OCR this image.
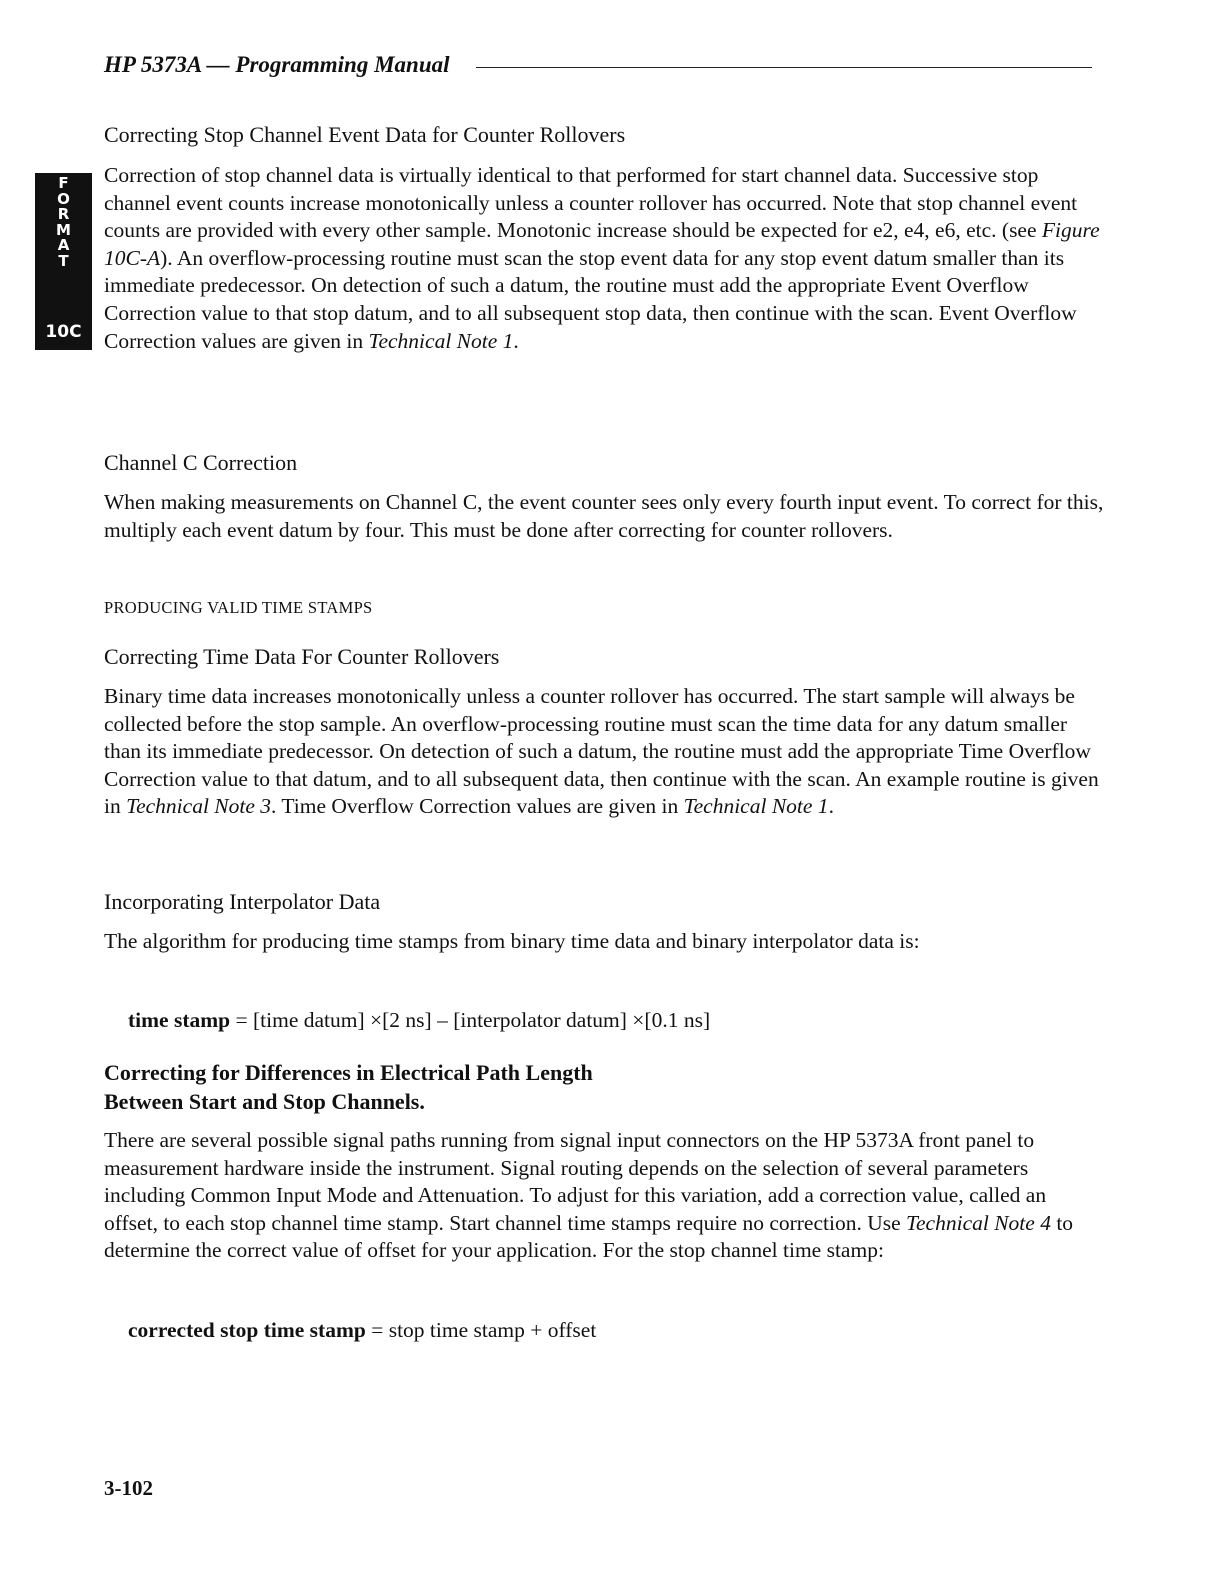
HP 5373A — Programming Manual
F
O
R
M
A
T
10C
Correcting Stop Channel Event Data for Counter Rollovers
Correction of stop channel data is virtually identical to that performed for start channel data. Successive stop channel event counts increase monotonically unless a counter rollover has occurred. Note that stop channel event counts are provided with every other sample. Monotonic increase should be expected for e2, e4, e6, etc. (see Figure 10C-A). An overflow-processing routine must scan the stop event data for any stop event datum smaller than its immediate predecessor. On detection of such a datum, the routine must add the appropriate Event Overflow Correction value to that stop datum, and to all subsequent stop data, then continue with the scan. Event Overflow Correction values are given in Technical Note 1.
Channel C Correction
When making measurements on Channel C, the event counter sees only every fourth input event. To correct for this, multiply each event datum by four. This must be done after correcting for counter rollovers.
PRODUCING VALID TIME STAMPS
Correcting Time Data For Counter Rollovers
Binary time data increases monotonically unless a counter rollover has occurred. The start sample will always be collected before the stop sample. An overflow-processing routine must scan the time data for any datum smaller than its immediate predecessor. On detection of such a datum, the routine must add the appropriate Time Overflow Correction value to that datum, and to all subsequent data, then continue with the scan. An example routine is given in Technical Note 3. Time Overflow Correction values are given in Technical Note 1.
Incorporating Interpolator Data
The algorithm for producing time stamps from binary time data and binary interpolator data is:
time stamp = [time datum] ×[2 ns] – [interpolator datum] ×[0.1 ns]
Correcting for Differences in Electrical Path Length
Between Start and Stop Channels.
There are several possible signal paths running from signal input connectors on the HP 5373A front panel to measurement hardware inside the instrument. Signal routing depends on the selection of several parameters including Common Input Mode and Attenuation. To adjust for this variation, add a correction value, called an offset, to each stop channel time stamp. Start channel time stamps require no correction. Use Technical Note 4 to determine the correct value of offset for your application. For the stop channel time stamp:
corrected stop time stamp = stop time stamp + offset
3-102
